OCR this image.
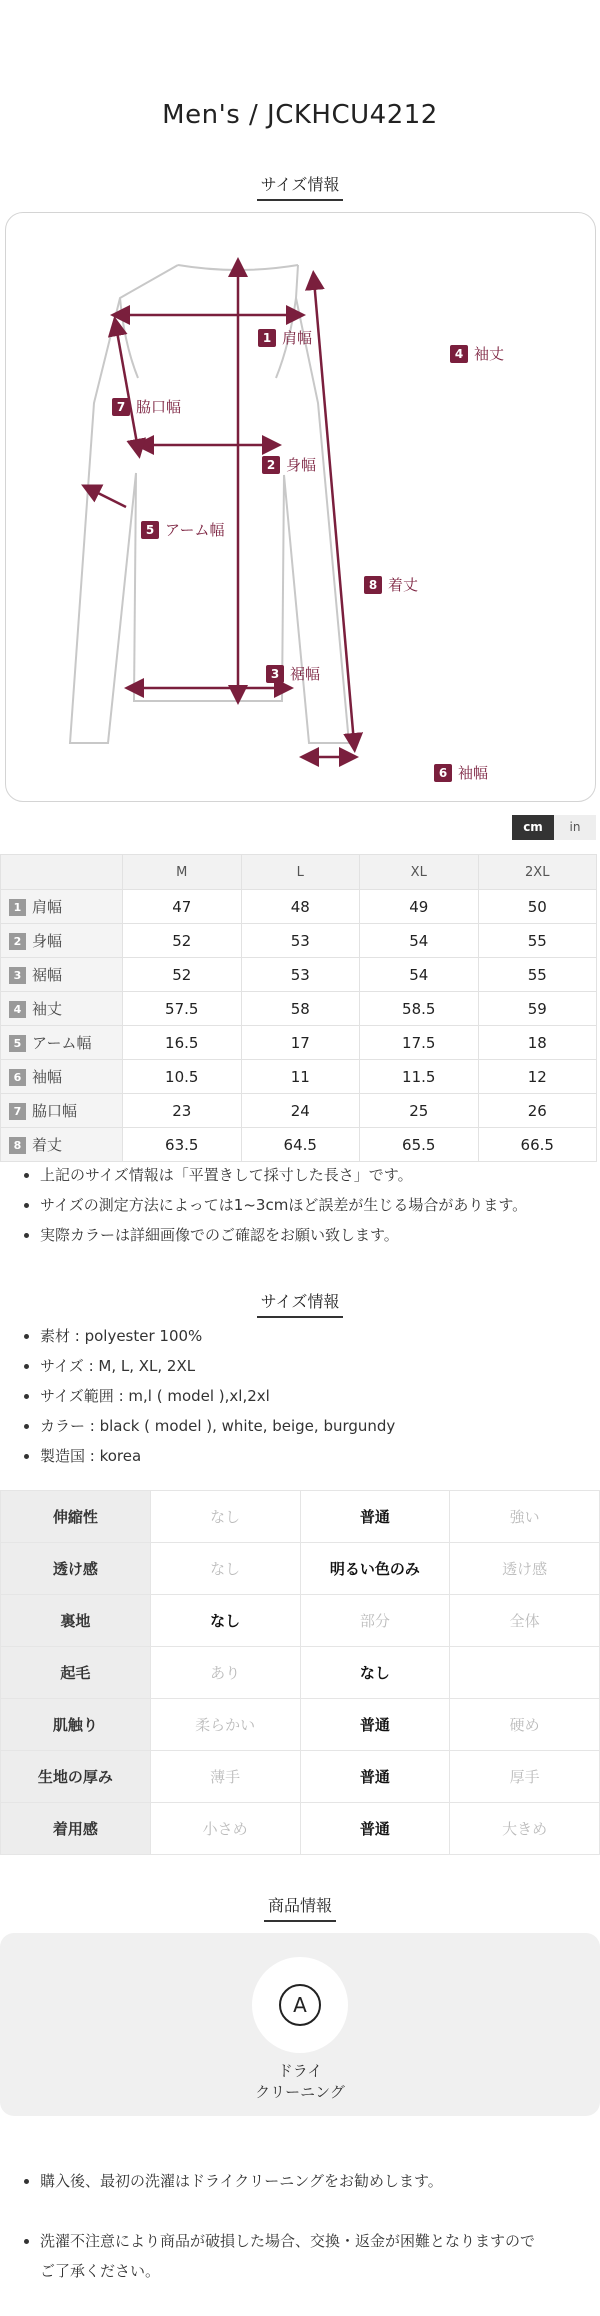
Men's / JCKHCU4212
サイズ情報
1 肩幅
4 袖丈
7 脇口幅
2 身幅
5 アーム幅
8 着丈
3 裾幅
6 袖幅
cm	in
	M	L	XL	2XL
1 肩幅	47	48	49	50
2 身幅	52	53	54	55
3 裾幅	52	53	54	55
4 袖丈	57.5	58	58.5	59
5 アーム幅	16.5	17	17.5	18
6 袖幅	10.5	11	11.5	12
7 脇口幅	23	24	25	26
8 着丈	63.5	64.5	65.5	66.5
• 上記のサイズ情報は「平置きして採寸した長さ」です。
• サイズの測定方法によっては1~3cmほど誤差が生じる場合があります。
• 実際カラーは詳細画像でのご確認をお願い致します。
サイズ情報
• 素材 : polyester 100%
• サイズ : M, L, XL, 2XL
• サイズ範囲 : m,l ( model ),xl,2xl
• カラー : black ( model ), white, beige, burgundy
• 製造国 : korea
伸縮性	なし	普通	強い
透け感	なし	明るい色のみ	透け感
裏地	なし	部分	全体
起毛	あり	なし	
肌触り	柔らかい	普通	硬め
生地の厚み	薄手	普通	厚手
着用感	小さめ	普通	大きめ
商品情報
A
ドライ
クリーニング

• 購入後、最初の洗濯はドライクリーニングをお勧めします。

• 洗濯不注意により商品が破損した場合、交換・返金が困難となりますので
ご了承ください。
